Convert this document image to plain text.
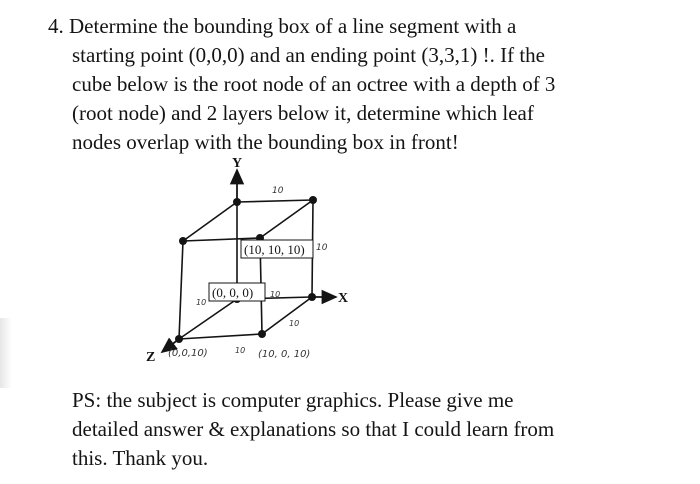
4. Determine the bounding box of a line segment with a
starting point (0,0,0) and an ending point (3,3,1) !. If the
cube below is the root node of an octree with a depth of 3
(root node) and 2 layers below it, determine which leaf
nodes overlap with the bounding box in front!
(10, 10, 10)
(0, 0, 0)
Y
X
Z
10
10
10
10
10
10
(0,0,10)	(10, 0, 10)
PS: the subject is computer graphics. Please give me
detailed answer & explanations so that I could learn from
this. Thank you.
